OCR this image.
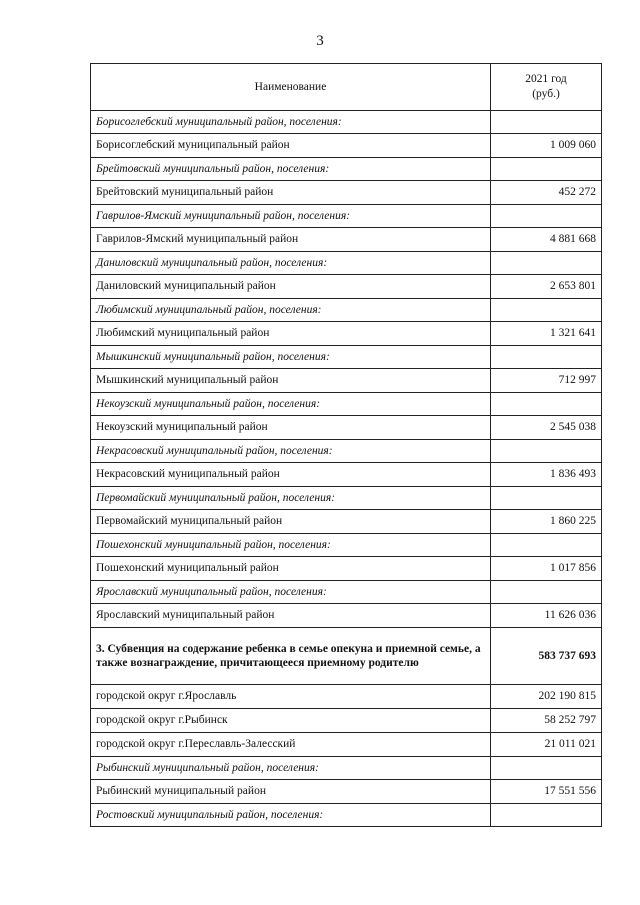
3
Наименование	2021 год
(руб.)

Борисоглебский муниципальный район, поселения:	
Борисоглебский муниципальный район	1 009 060
Брейтовский муниципальный район, поселения:	
Брейтовский муниципальный район	452 272
Гаврилов-Ямский муниципальный район, поселения:	
Гаврилов-Ямский муниципальный район	4 881 668
Даниловский муниципальный район, поселения:	
Даниловский муниципальный район	2 653 801
Любимский муниципальный район, поселения:	
Любимский муниципальный район	1 321 641
Мышкинский муниципальный район, поселения:	
Мышкинский муниципальный район	712 997
Некоузский муниципальный район, поселения:	
Некоузский муниципальный район	2 545 038
Некрасовский муниципальный район, поселения:	
Некрасовский муниципальный район	1 836 493
Первомайский муниципальный район, поселения:	
Первомайский муниципальный район	1 860 225
Пошехонский муниципальный район, поселения:	
Пошехонский муниципальный район	1 017 856
Ярославский муниципальный район, поселения:	
Ярославский муниципальный район	11 626 036
3. Субвенция на содержание ребенка в семье опекуна и приемной семье, а также вознаграждение, причитающееся приемному родителю	583 737 693
городской округ г.Ярославль	202 190 815
городской округ г.Рыбинск	58 252 797
городской округ г.Переславль-Залесский	21 011 021
Рыбинский муниципальный район, поселения:	
Рыбинский муниципальный район	17 551 556
Ростовский муниципальный район, поселения:	
